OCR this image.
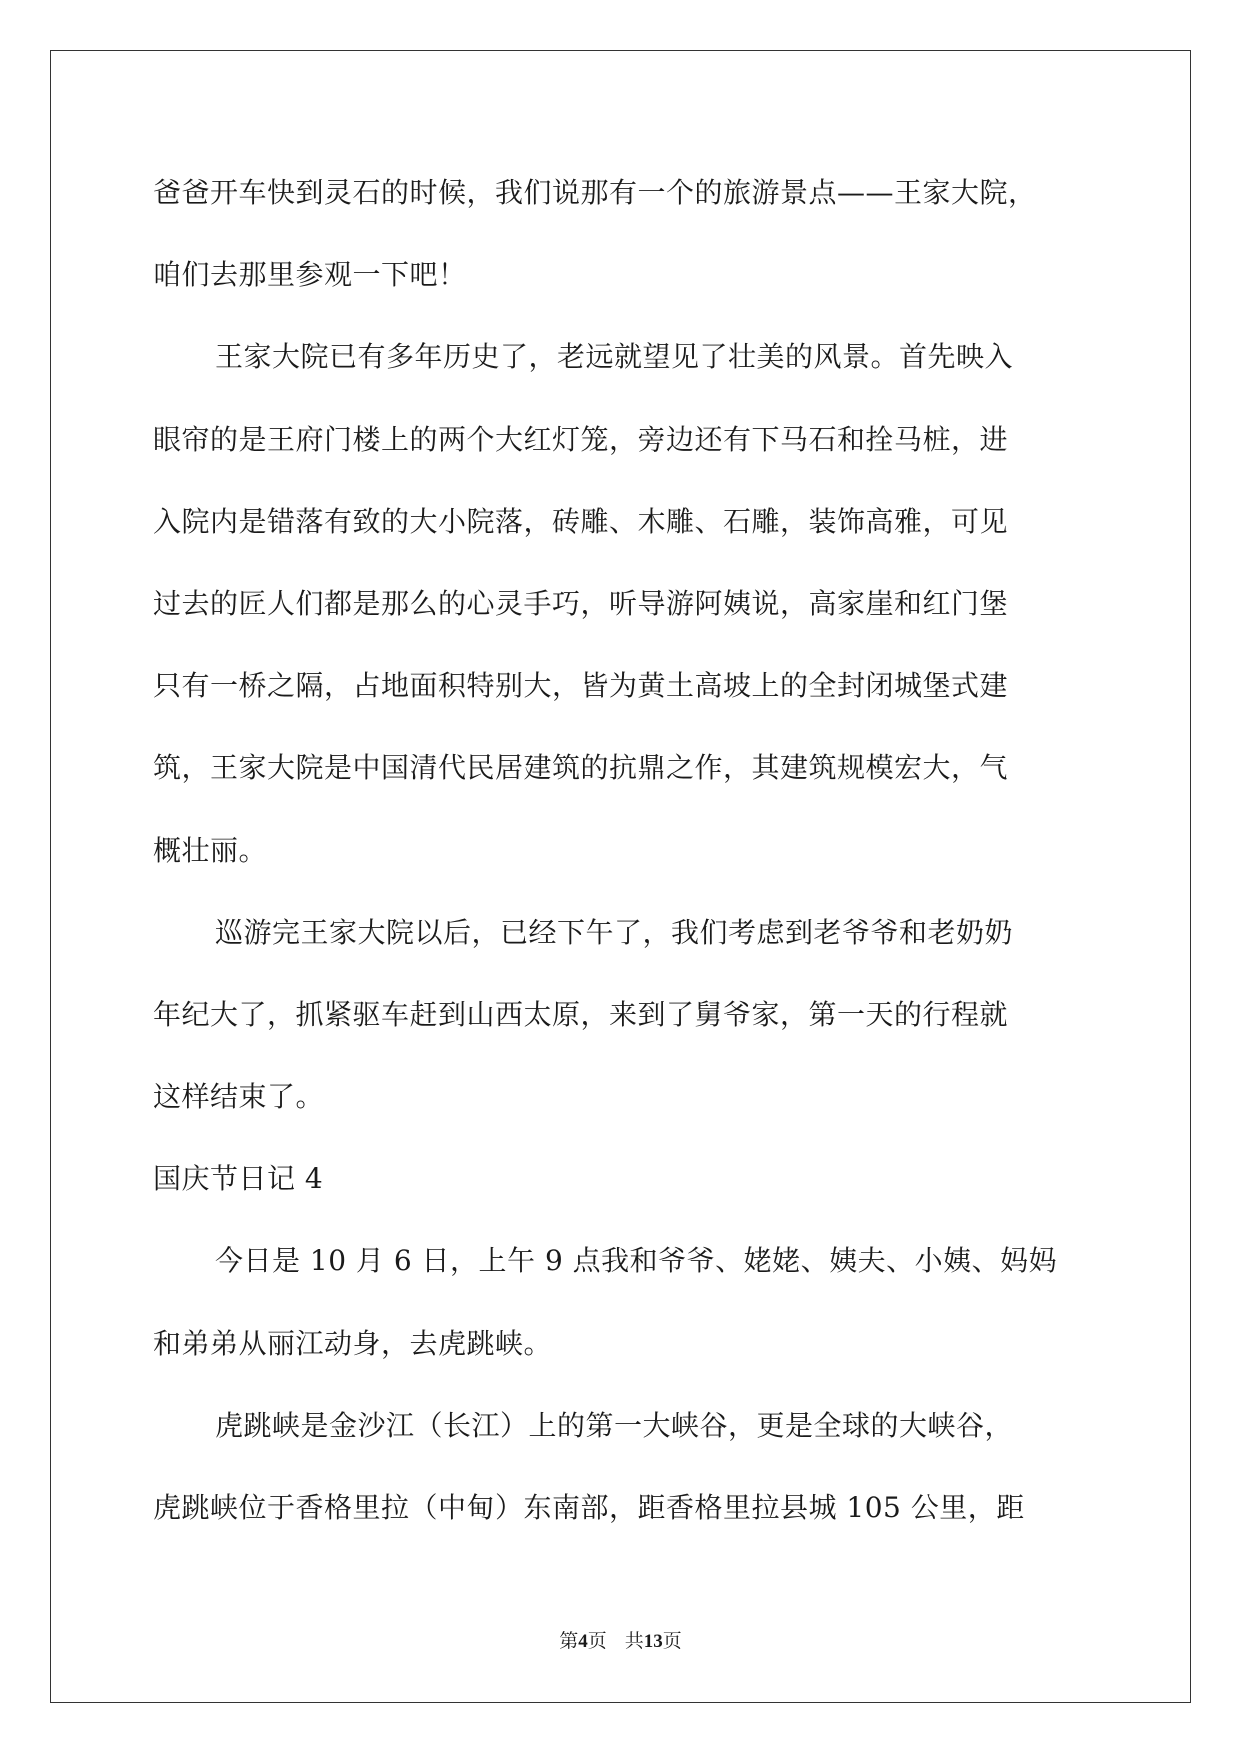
爸爸开车快到灵石的时候，我们说那有一个的旅游景点——王家大院，
咱们去那里参观一下吧！
王家大院已有多年历史了，老远就望见了壮美的风景。首先映入
眼帘的是王府门楼上的两个大红灯笼，旁边还有下马石和拴马桩，进
入院内是错落有致的大小院落，砖雕、木雕、石雕，装饰高雅，可见
过去的匠人们都是那么的心灵手巧，听导游阿姨说，高家崖和红门堡
只有一桥之隔，占地面积特别大，皆为黄土高坡上的全封闭城堡式建
筑，王家大院是中国清代民居建筑的抗鼎之作，其建筑规模宏大，气
概壮丽。
巡游完王家大院以后，已经下午了，我们考虑到老爷爷和老奶奶
年纪大了，抓紧驱车赶到山西太原，来到了舅爷家，第一天的行程就
这样结束了。
国庆节日记 4
今日是 10 月 6 日，上午 9 点我和爷爷、姥姥、姨夫、小姨、妈妈
和弟弟从丽江动身，去虎跳峡。
虎跳峡是金沙江（长江）上的第一大峡谷，更是全球的大峡谷，
虎跳峡位于香格里拉（中甸）东南部，距香格里拉县城 105 公里，距
第4页 共13页
